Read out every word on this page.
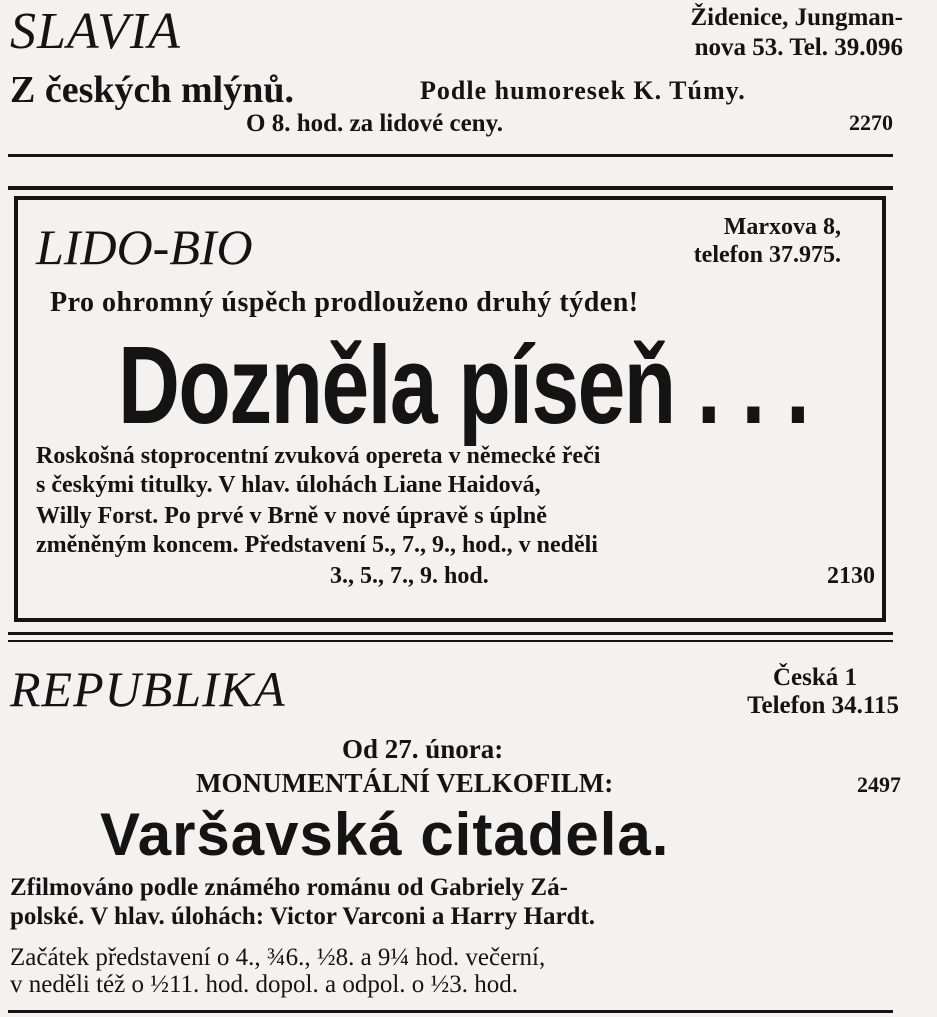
SLAVIA	Židenice, Jungman-
nova 53. Tel. 39.096
Z českých mlýnů.	Podle humoresek K. Túmy.
O 8. hod. za lidové ceny.	2270
LIDO-BIO	Marxova 8,
telefon 37.975.
Pro ohromný úspěch prodlouženo druhý týden!
Dozněla píseň . . .
Roskošná stoprocentní zvuková opereta v německé řeči
s českými titulky. V hlav. úlohách Liane Haidová,
Willy Forst. Po prvé v Brně v nové úpravě s úplně
změněným koncem. Představení 5., 7., 9., hod., v neděli
3., 5., 7., 9. hod.	2130
REPUBLIKA	Česká 1
Telefon 34.115
Od 27. února:
MONUMENTÁLNÍ VELKOFILM:	2497
Varšavská citadela.
Zfilmováno podle známého románu od Gabriely Zá-
polské. V hlav. úlohách: Victor Varconi a Harry Hardt.
Začátek představení o 4., ¾6., ½8. a 9¼ hod. večerní,
v neděli též o ½11. hod. dopol. a odpol. o ½3. hod.
